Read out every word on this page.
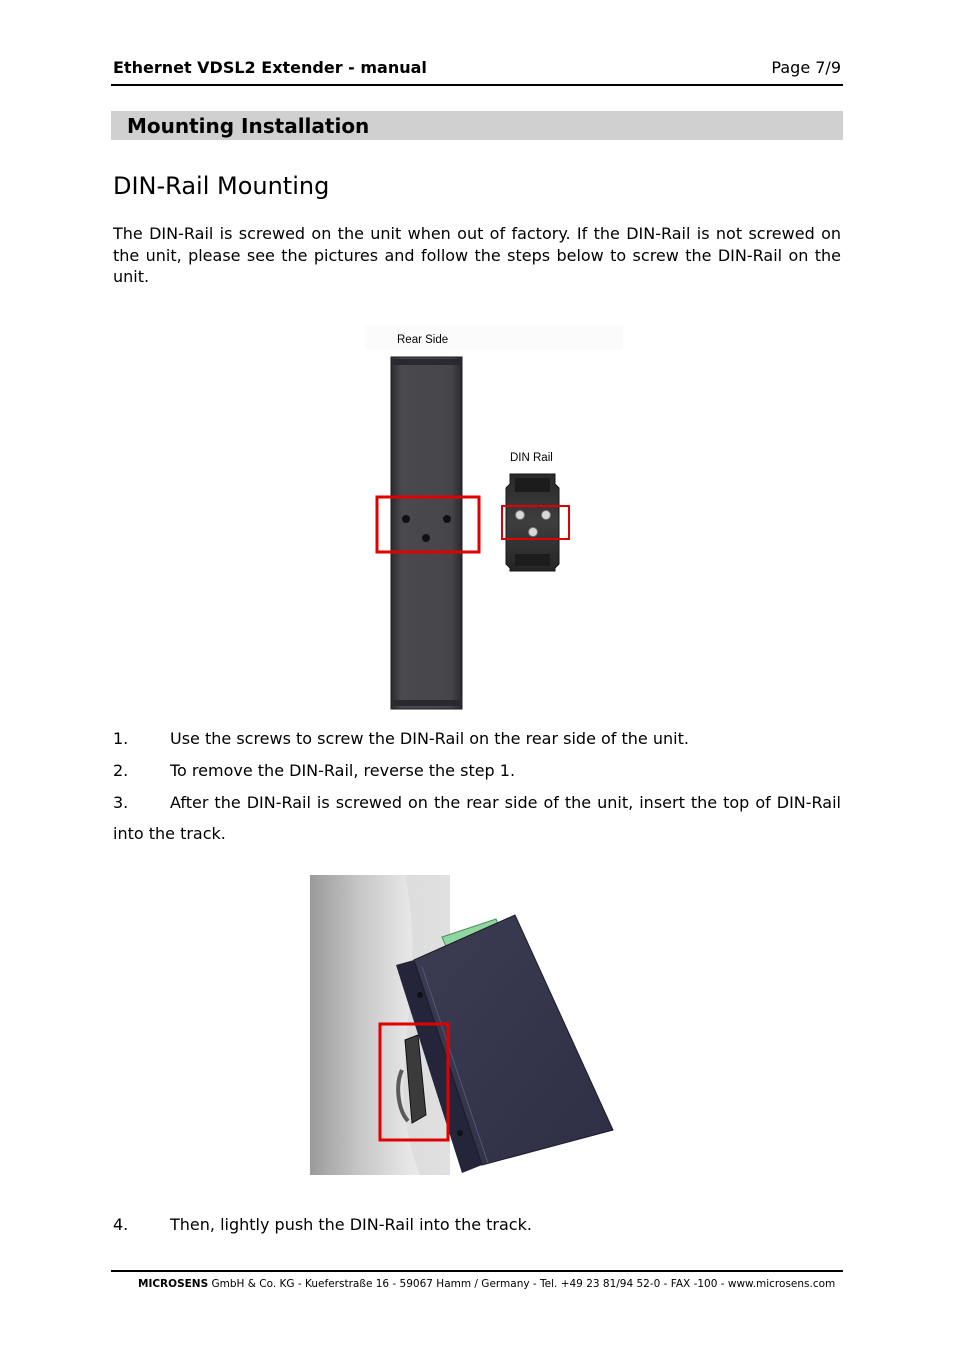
Ethernet VDSL2 Extender - manual	Page 7/9
Mounting Installation
DIN-Rail Mounting
The DIN-Rail is screwed on the unit when out of factory. If the DIN-Rail is not screwed on the unit, please see the pictures and follow the steps below to screw the DIN-Rail on the unit.
Rear Side
DIN Rail
1.	Use the screws to screw the DIN-Rail on the rear side of the unit.
2.	To remove the DIN-Rail, reverse the step 1.
3.	After the DIN-Rail is screwed on the rear side of the unit, insert the top of DIN-Rail into the track.
4.	Then, lightly push the DIN-Rail into the track.
MICROSENS GmbH & Co. KG - Kueferstraße 16 - 59067 Hamm / Germany - Tel. +49 23 81/94 52-0 - FAX -100 - www.microsens.com
